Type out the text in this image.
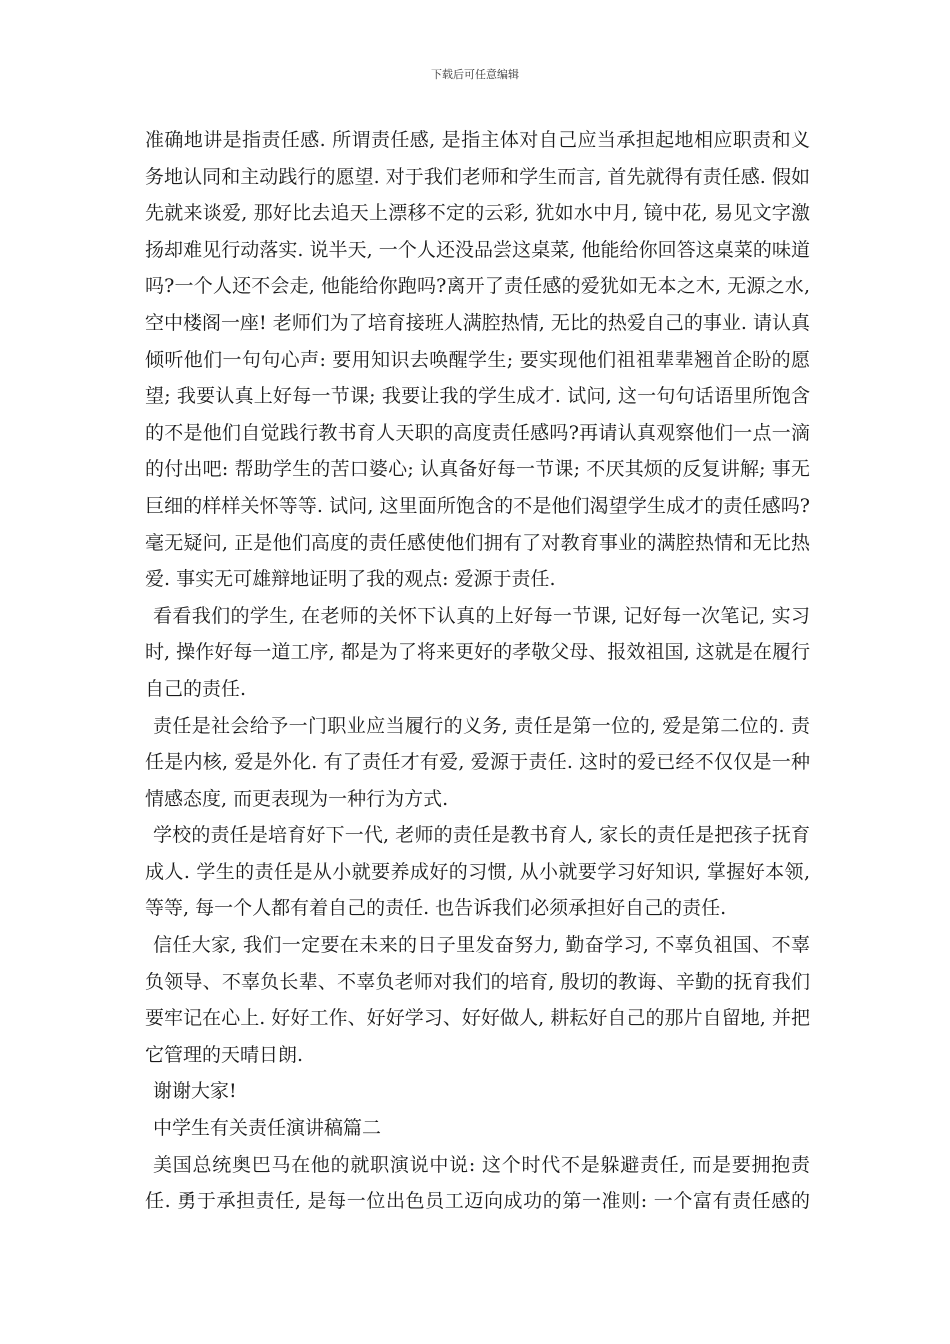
下载后可任意编辑
准确地讲是指责任感. 所谓责任感, 是指主体对自己应当承担起地相应职责和义
务地认同和主动践行的愿望. 对于我们老师和学生而言, 首先就得有责任感. 假如
先就来谈爱, 那好比去追天上漂移不定的云彩, 犹如水中月, 镜中花, 易见文字激
扬却难见行动落实. 说半天, 一个人还没品尝这桌菜, 他能给你回答这桌菜的味道
吗?一个人还不会走, 他能给你跑吗?离开了责任感的爱犹如无本之木, 无源之水,
空中楼阁一座! 老师们为了培育接班人满腔热情, 无比的热爱自己的事业. 请认真
倾听他们一句句心声: 要用知识去唤醒学生; 要实现他们祖祖辈辈翘首企盼的愿
望; 我要认真上好每一节课; 我要让我的学生成才. 试问, 这一句句话语里所饱含
的不是他们自觉践行教书育人天职的高度责任感吗?再请认真观察他们一点一滴
的付出吧: 帮助学生的苦口婆心; 认真备好每一节课; 不厌其烦的反复讲解; 事无
巨细的样样关怀等等. 试问, 这里面所饱含的不是他们渴望学生成才的责任感吗?
毫无疑问, 正是他们高度的责任感使他们拥有了对教育事业的满腔热情和无比热
爱. 事实无可雄辩地证明了我的观点: 爱源于责任.
看看我们的学生, 在老师的关怀下认真的上好每一节课, 记好每一次笔记, 实习
时, 操作好每一道工序, 都是为了将来更好的孝敬父母、报效祖国, 这就是在履行
自己的责任.
责任是社会给予一门职业应当履行的义务, 责任是第一位的, 爱是第二位的. 责
任是内核, 爱是外化. 有了责任才有爱, 爱源于责任. 这时的爱已经不仅仅是一种
情感态度, 而更表现为一种行为方式.
学校的责任是培育好下一代, 老师的责任是教书育人, 家长的责任是把孩子抚育
成人. 学生的责任是从小就要养成好的习惯, 从小就要学习好知识, 掌握好本领,
等等, 每一个人都有着自己的责任. 也告诉我们必须承担好自己的责任.
信任大家, 我们一定要在未来的日子里发奋努力, 勤奋学习, 不辜负祖国、不辜
负领导、不辜负长辈、不辜负老师对我们的培育, 殷切的教诲、辛勤的抚育我们
要牢记在心上. 好好工作、好好学习、好好做人, 耕耘好自己的那片自留地, 并把
它管理的天晴日朗.
谢谢大家!
中学生有关责任演讲稿篇二
美国总统奥巴马在他的就职演说中说: 这个时代不是躲避责任, 而是要拥抱责
任. 勇于承担责任, 是每一位出色员工迈向成功的第一准则: 一个富有责任感的
